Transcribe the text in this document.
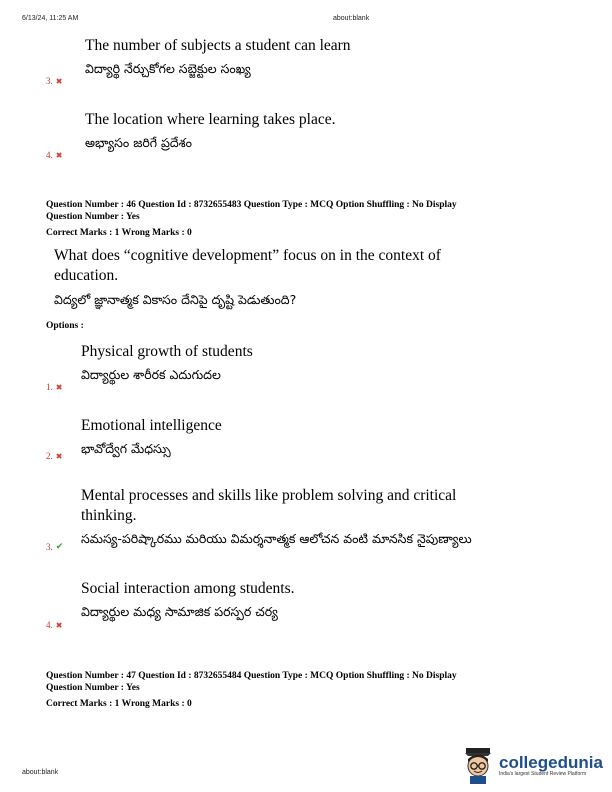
6/13/24, 11:25 AM	about:blank
The number of subjects a student can learn
విద్యార్థి నేర్చుకోగల సబ్జెక్టుల సంఖ్య
3. ✖
The location where learning takes place.
అభ్యాసం జరిగే ప్రదేశం
4. ✖
Question Number : 46 Question Id : 8732655483 Question Type : MCQ Option Shuffling : No Display
Question Number : Yes
Correct Marks : 1 Wrong Marks : 0
What does “cognitive development” focus on in the context of
education.
విద్యలో జ్ఞానాత్మక వికాసం దేనిపై దృష్టి పెడుతుంది?
Options :
Physical growth of students
విద్యార్థుల శారీరక ఎదుగుదల
1. ✖
Emotional intelligence
భావోద్వేగ మేధస్సు
2. ✖
Mental processes and skills like problem solving and critical
thinking.
సమస్య-పరిష్కారము మరియు విమర్శనాత్మక ఆలోచన వంటి మానసిక నైపుణ్యాలు
3. ✔
Social interaction among students.
విద్యార్థుల మధ్య సామాజిక పరస్పర చర్య
4. ✖
Question Number : 47 Question Id : 8732655484 Question Type : MCQ Option Shuffling : No Display
Question Number : Yes
Correct Marks : 1 Wrong Marks : 0
about:blank
collegedunia
India's largest Student Review Platform
